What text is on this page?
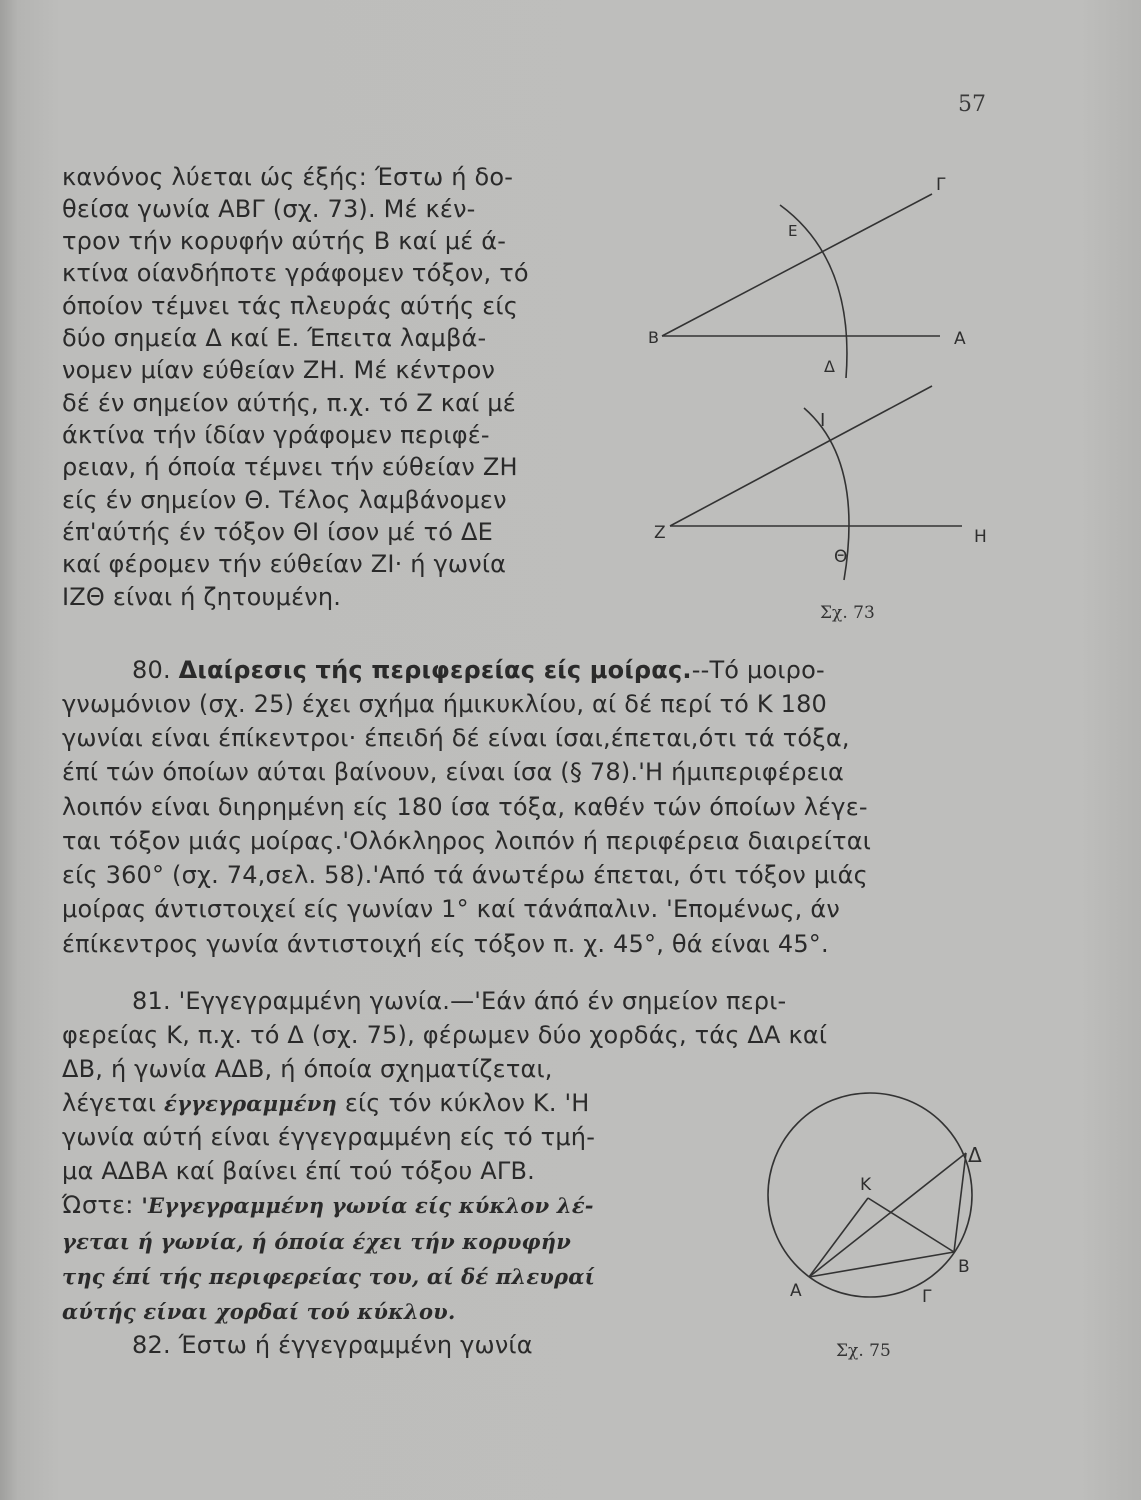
57
κανόνος λύεται ώς έξής: Έστω ή δο-
θείσα γωνία ΑΒΓ (σχ. 73). Μέ κέν-
τρον τήν κορυφήν αύτής Β καί μέ ά-
κτίνα οίανδήποτε γράφομεν τόξον, τό
όποίον τέμνει τάς πλευράς αύτής είς
δύο σημεία Δ καί Ε. Έπειτα λαμβά-
νομεν μίαν εύθείαν ΖΗ. Μέ κέντρον
δέ έν σημείον αύτής, π.χ. τό Ζ καί μέ
άκτίνα τήν ίδίαν γράφομεν περιφέ-
ρειαν, ή όποία τέμνει τήν εύθείαν ΖΗ
είς έν σημείον Θ. Τέλος λαμβάνομεν
έπ'αύτής έν τόξον ΘΙ ίσον μέ τό ΔΕ
καί φέρομεν τήν εύθείαν ΖΙ· ή γωνία
ΙΖΘ είναι ή ζητουμένη.
Γ
Ε
Β	Α
Δ
Ι
Ζ	Η
Θ
Σχ. 73
80. Διαίρεσις τής περιφερείας είς μοίρας.--Τό μοιρο-
γνωμόνιον (σχ. 25) έχει σχήμα ήμικυκλίου, αί δέ περί τό Κ 180
γωνίαι είναι έπίκεντροι· έπειδή δέ είναι ίσαι,έπεται,ότι τά τόξα,
έπί τών όποίων αύται βαίνουν, είναι ίσα (§ 78).'Η ήμιπεριφέρεια
λοιπόν είναι διηρημένη είς 180 ίσα τόξα, καθέν τών όποίων λέγε-
ται τόξον μιάς μοίρας.'Ολόκληρος λοιπόν ή περιφέρεια διαιρείται
είς 360° (σχ. 74,σελ. 58).'Από τά άνωτέρω έπεται, ότι τόξον μιάς
μοίρας άντιστοιχεί είς γωνίαν 1° καί τάνάπαλιν. 'Επομένως, άν
έπίκεντρος γωνία άντιστοιχή είς τόξον π. χ. 45°, θά είναι 45°.
81. 'Εγγεγραμμένη γωνία.—'Εάν άπό έν σημείον περι-
φερείας Κ, π.χ. τό Δ (σχ. 75), φέρωμεν δύο χορδάς, τάς ΔΑ καί
ΔΒ, ή γωνία ΑΔΒ, ή όποία σχηματίζεται,
λέγεται έγγεγραμμένη είς τόν κύκλον Κ. 'Η
γωνία αύτή είναι έγγεγραμμένη είς τό τμή-
μα ΑΔΒΑ καί βαίνει έπί τού τόξου ΑΓΒ.
Ώστε: 'Εγγεγραμμένη γωνία είς κύκλον λέ-
γεται ή γωνία, ή όποία έχει τήν κορυφήν
της έπί τής περιφερείας του, αί δέ πλευραί
αύτής είναι χορδαί τού κύκλου.
82. Έστω ή έγγεγραμμένη γωνία
Κ
Δ
Β
Α	Γ
Σχ. 75
